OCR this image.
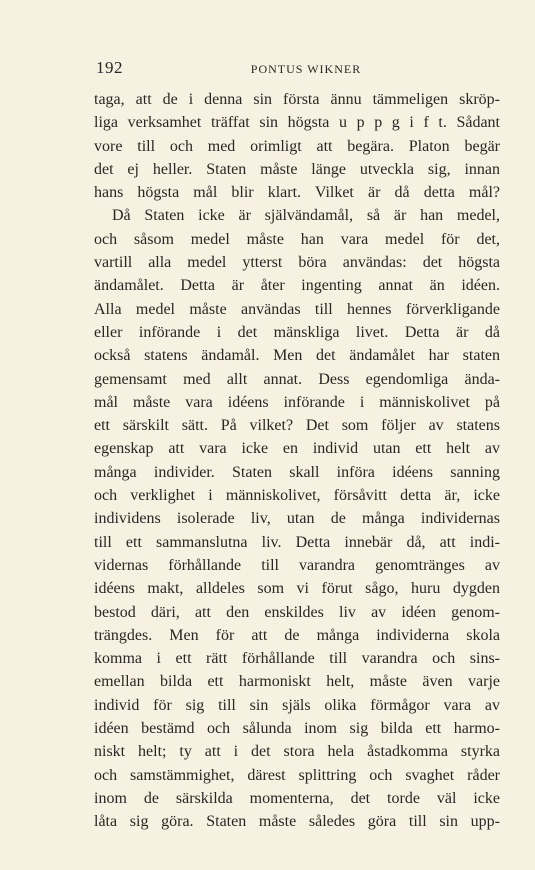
192	PONTUS WIKNER
taga, att de i denna sin första ännu tämmeligen skröp-
liga verksamhet träffat sin högsta u p p g i f t. Sådant
vore till och med orimligt att begära. Platon begär
det ej heller. Staten måste länge utveckla sig, innan
hans högsta mål blir klart. Vilket är då detta mål?
Då Staten icke är självändamål, så är han medel,
och såsom medel måste han vara medel för det,
vartill alla medel ytterst böra användas: det högsta
ändamålet. Detta är åter ingenting annat än idéen.
Alla medel måste användas till hennes förverkligande
eller införande i det mänskliga livet. Detta är då
också statens ändamål. Men det ändamålet har staten
gemensamt med allt annat. Dess egendomliga ända-
mål måste vara idéens införande i människolivet på
ett särskilt sätt. På vilket? Det som följer av statens
egenskap att vara icke en individ utan ett helt av
många individer. Staten skall införa idéens sanning
och verklighet i människolivet, försåvitt detta är, icke
individens isolerade liv, utan de många individernas
till ett sammanslutna liv. Detta innebär då, att indi-
vidernas förhållande till varandra genomtränges av
idéens makt, alldeles som vi förut sågo, huru dygden
bestod däri, att den enskildes liv av idéen genom-
trängdes. Men för att de många individerna skola
komma i ett rätt förhållande till varandra och sins-
emellan bilda ett harmoniskt helt, måste även varje
individ för sig till sin själs olika förmågor vara av
idéen bestämd och sålunda inom sig bilda ett harmo-
niskt helt; ty att i det stora hela åstadkomma styrka
och samstämmighet, därest splittring och svaghet råder
inom de särskilda momenterna, det torde väl icke
låta sig göra. Staten måste således göra till sin upp-
